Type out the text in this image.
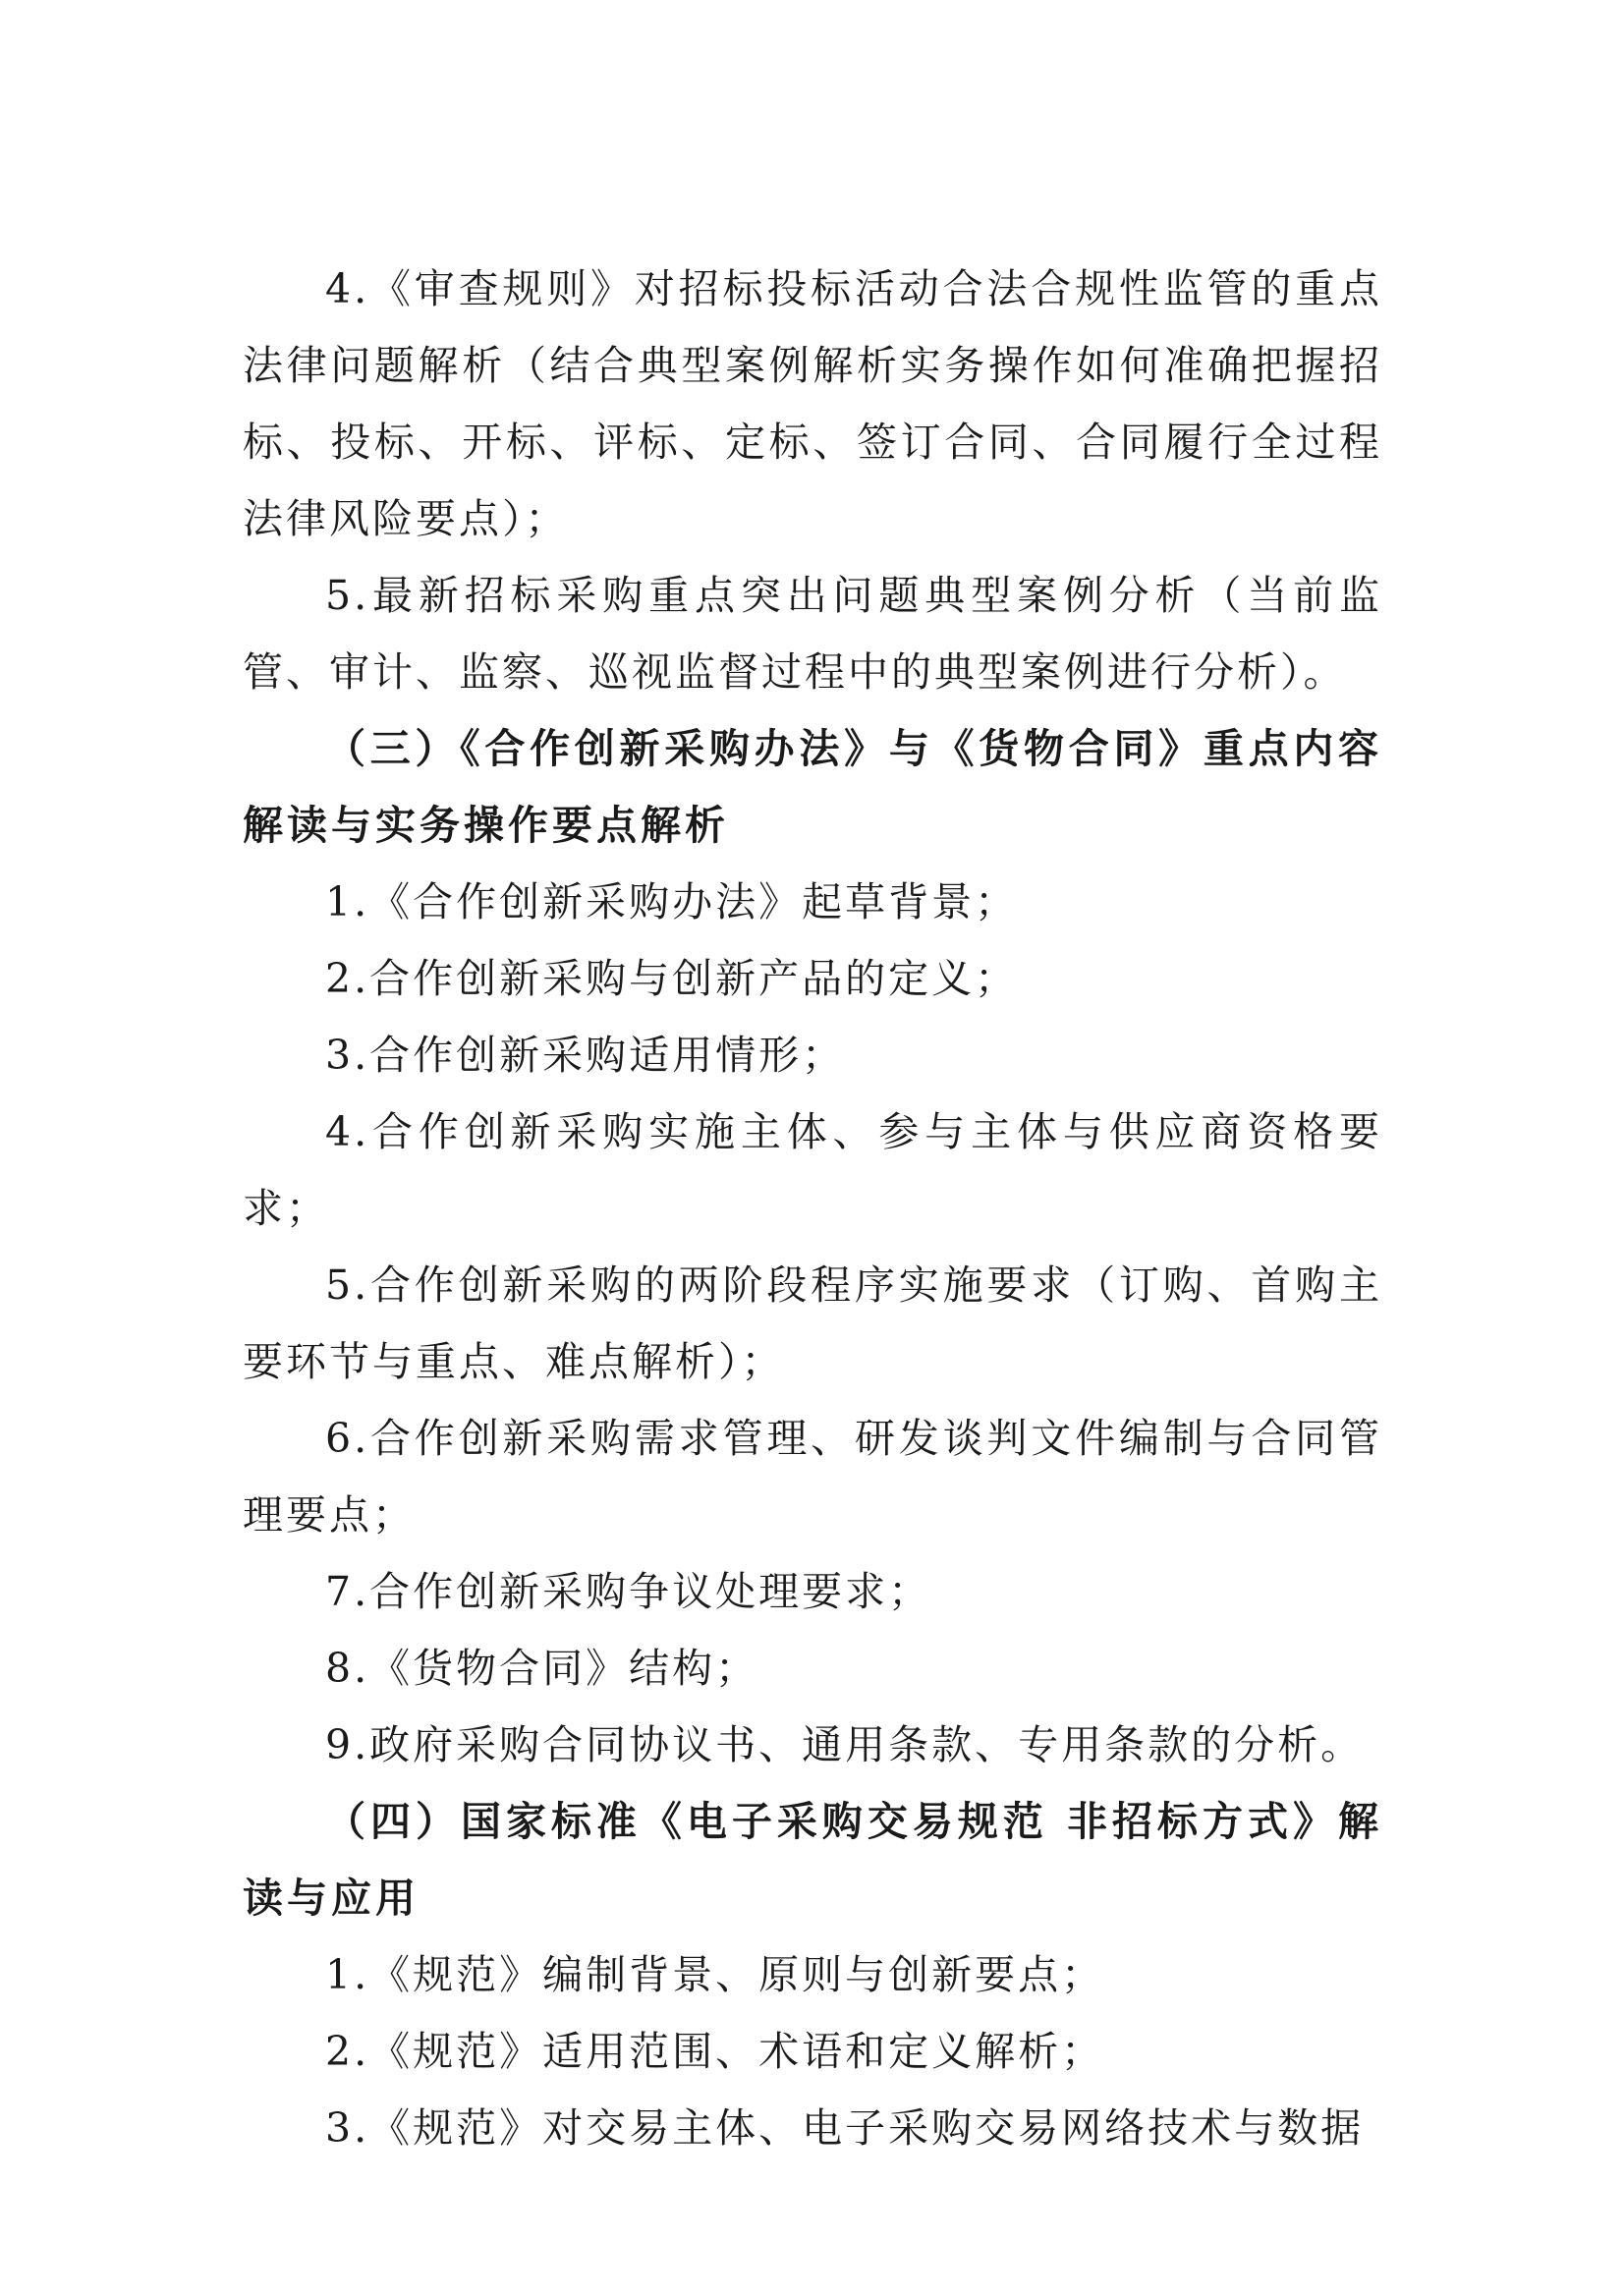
4.《审查规则》对招标投标活动合法合规性监管的重点法律问题解析（结合典型案例解析实务操作如何准确把握招标、投标、开标、评标、定标、签订合同、合同履行全过程法律风险要点）；

5.最新招标采购重点突出问题典型案例分析（当前监管、审计、监察、巡视监督过程中的典型案例进行分析）。

（三）《合作创新采购办法》与《货物合同》重点内容解读与实务操作要点解析

1.《合作创新采购办法》起草背景；

2.合作创新采购与创新产品的定义；

3.合作创新采购适用情形；

4.合作创新采购实施主体、参与主体与供应商资格要求；

5.合作创新采购的两阶段程序实施要求（订购、首购主要环节与重点、难点解析）；

6.合作创新采购需求管理、研发谈判文件编制与合同管理要点；

7.合作创新采购争议处理要求；

8.《货物合同》结构；

9.政府采购合同协议书、通用条款、专用条款的分析。

（四）国家标准《电子采购交易规范 非招标方式》解读与应用

1.《规范》编制背景、原则与创新要点；

2.《规范》适用范围、术语和定义解析；

3.《规范》对交易主体、电子采购交易网络技术与数据
